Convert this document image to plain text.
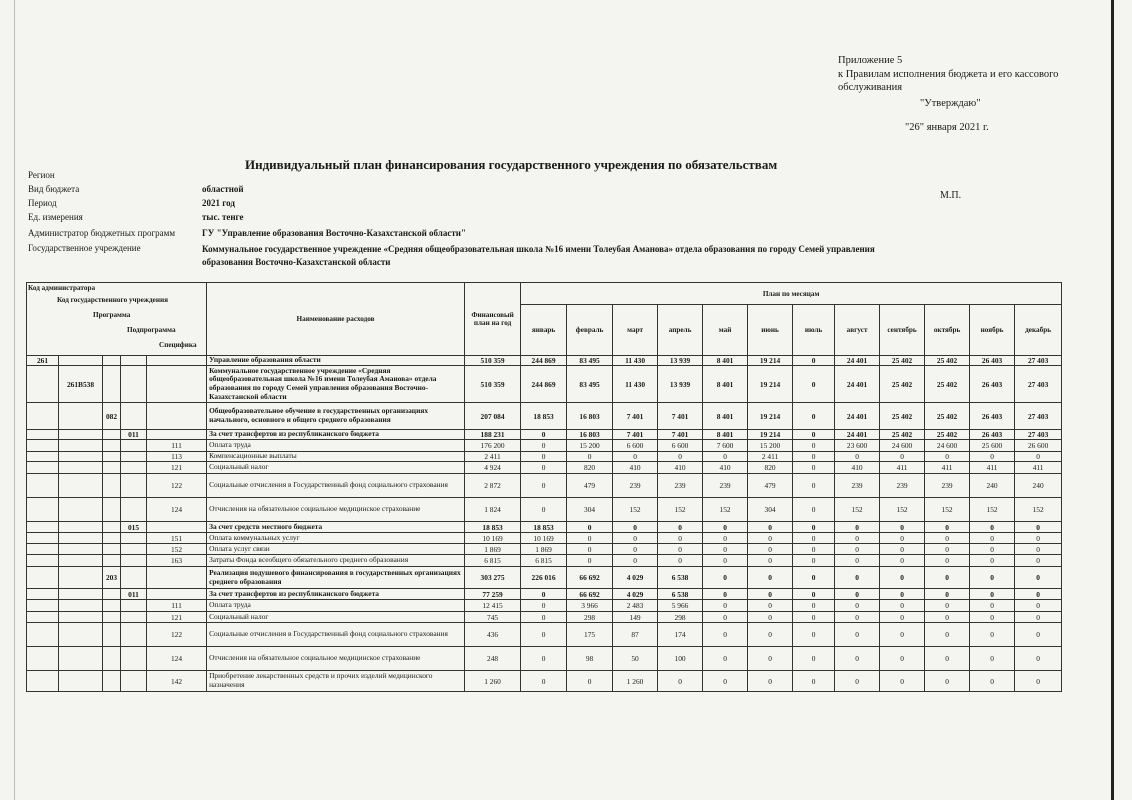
Приложение 5
к Правилам исполнения бюджета и его кассового обслуживания
"Утверждаю"
"26" января 2021 г.
М.П.
Индивидуальный план финансирования государственного учреждения по обязательствам
Регион
Вид бюджета	областной
Период	2021 год
Ед. измерения	тыс. тенге
Администратор бюджетных программ	ГУ "Управление образования Восточно-Казахстанской области"
Государственное учреждение	Коммунальное государственное учреждение «Средняя общеобразовательная школа №16 имени Толеубая Аманова» отдела образования по городу Семей управления образования Восточно-Казахстанской области
Код администратора
Код государственного учреждения
Программа
Подпрограмма
Специфика					Наименование расходов	Финансовый план на год	План по месяцам											
							январь	февраль	март	апрель	май	июнь	июль	август	сентябрь	октябрь	ноябрь	декабрь
261					Управление образования области	510 359	244 869	83 495	11 430	13 939	8 401	19 214	0	24 401	25 402	25 402	26 403	27 403
	261В538				Коммунальное государственное учреждение «Средняя общеобразовательная школа №16 имени Толеубая Аманова» отдела образования по городу Семей управления образования Восточно-Казахстанской области	510 359	244 869	83 495	11 430	13 939	8 401	19 214	0	24 401	25 402	25 402	26 403	27 403
		082			Общеобразовательное обучение в государственных организациях начального, основного и общего среднего образования	207 084	18 853	16 803	7 401	7 401	8 401	19 214	0	24 401	25 402	25 402	26 403	27 403
			011		За счет трансфертов из республиканского бюджета	188 231	0	16 803	7 401	7 401	8 401	19 214	0	24 401	25 402	25 402	26 403	27 403
				111	Оплата труда	176 200	0	15 200	6 600	6 600	7 600	15 200	0	23 600	24 600	24 600	25 600	26 600
				113	Компенсационные выплаты	2 411	0	0	0	0	0	2 411	0	0	0	0	0	0
				121	Социальный налог	4 924	0	820	410	410	410	820	0	410	411	411	411	411
				122	Социальные отчисления в Государственный фонд социального страхования	2 872	0	479	239	239	239	479	0	239	239	239	240	240
				124	Отчисления на обязательное социальное медицинское страхование	1 824	0	304	152	152	152	304	0	152	152	152	152	152
			015		За счет средств местного бюджета	18 853	18 853	0	0	0	0	0	0	0	0	0	0	0
				151	Оплата коммунальных услуг	10 169	10 169	0	0	0	0	0	0	0	0	0	0	0
				152	Оплата услуг связи	1 869	1 869	0	0	0	0	0	0	0	0	0	0	0
				163	Затраты Фонда всеобщего обязательного среднего образования	6 815	6 815	0	0	0	0	0	0	0	0	0	0	0
		203			Реализация подушевого финансирования в государственных организациях среднего образования	303 275	226 016	66 692	4 029	6 538	0	0	0	0	0	0	0	0
			011		За счет трансфертов из республиканского бюджета	77 259	0	66 692	4 029	6 538	0	0	0	0	0	0	0	0
				111	Оплата труда	12 415	0	3 966	2 483	5 966	0	0	0	0	0	0	0	0
				121	Социальный налог	745	0	298	149	298	0	0	0	0	0	0	0	0
				122	Социальные отчисления в Государственный фонд социального страхования	436	0	175	87	174	0	0	0	0	0	0	0	0
				124	Отчисления на обязательное социальное медицинское страхование	248	0	98	50	100	0	0	0	0	0	0	0	0
				142	Приобретение лекарственных средств и прочих изделий медицинского назначения	1 260	0	0	1 260	0	0	0	0	0	0	0	0	0
